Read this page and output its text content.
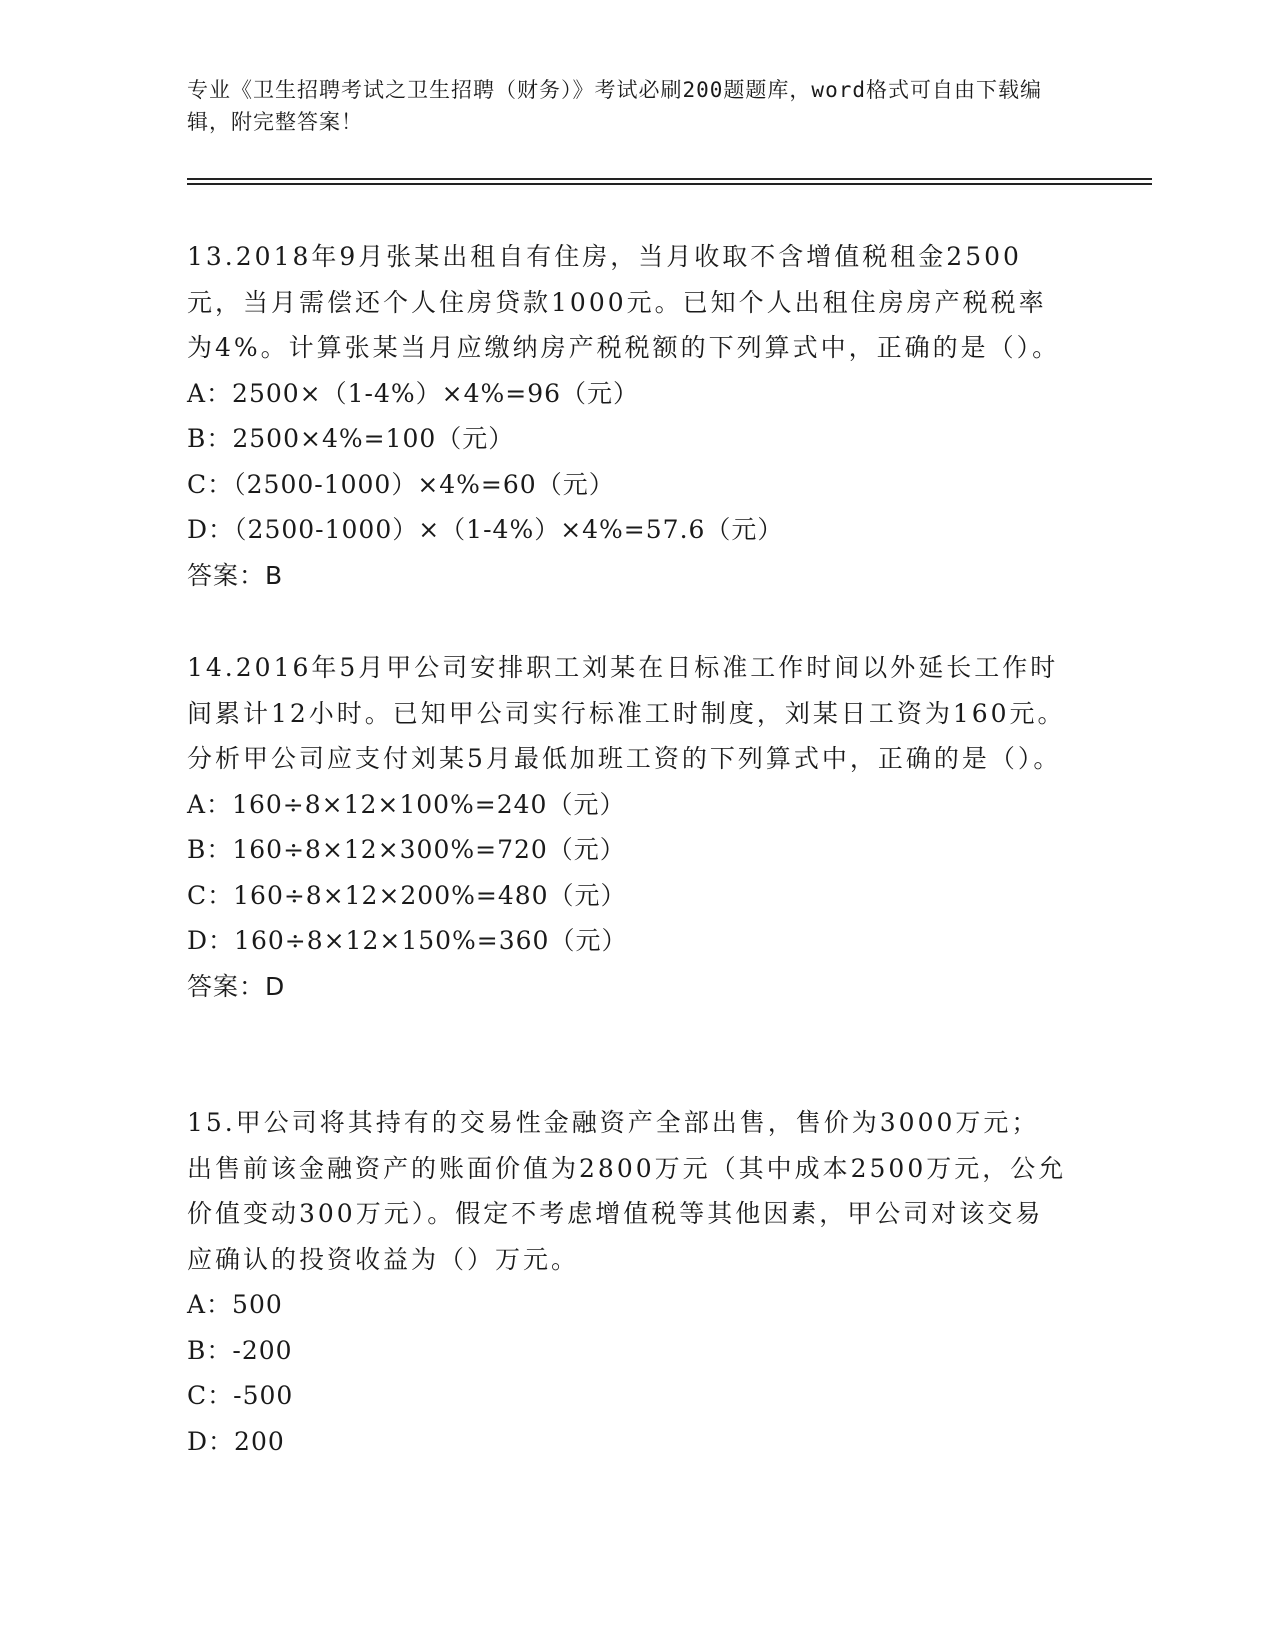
专业《卫生招聘考试之卫生招聘（财务）》考试必刷200题题库，word格式可自由下载编辑，附完整答案！

13.2018年9月张某出租自有住房，当月收取不含增值税租金2500元，当月需偿还个人住房贷款1000元。已知个人出租住房房产税税率为4%。计算张某当月应缴纳房产税税额的下列算式中，正确的是（）。

A：2500×（1-4%）×4%=96（元）

B：2500×4%=100（元）

C：（2500-1000）×4%=60（元）

D：（2500-1000）×（1-4%）×4%=57.6（元）

答案：B

14.2016年5月甲公司安排职工刘某在日标准工作时间以外延长工作时间累计12小时。已知甲公司实行标准工时制度，刘某日工资为160元。分析甲公司应支付刘某5月最低加班工资的下列算式中，正确的是（）。

A：160÷8×12×100%=240（元）

B：160÷8×12×300%=720（元）

C：160÷8×12×200%=480（元）

D：160÷8×12×150%=360（元）

答案：D

15.甲公司将其持有的交易性金融资产全部出售，售价为3000万元；出售前该金融资产的账面价值为2800万元（其中成本2500万元，公允价值变动300万元）。假定不考虑增值税等其他因素，甲公司对该交易应确认的投资收益为（）万元。

A：500

B：-200

C：-500

D：200
